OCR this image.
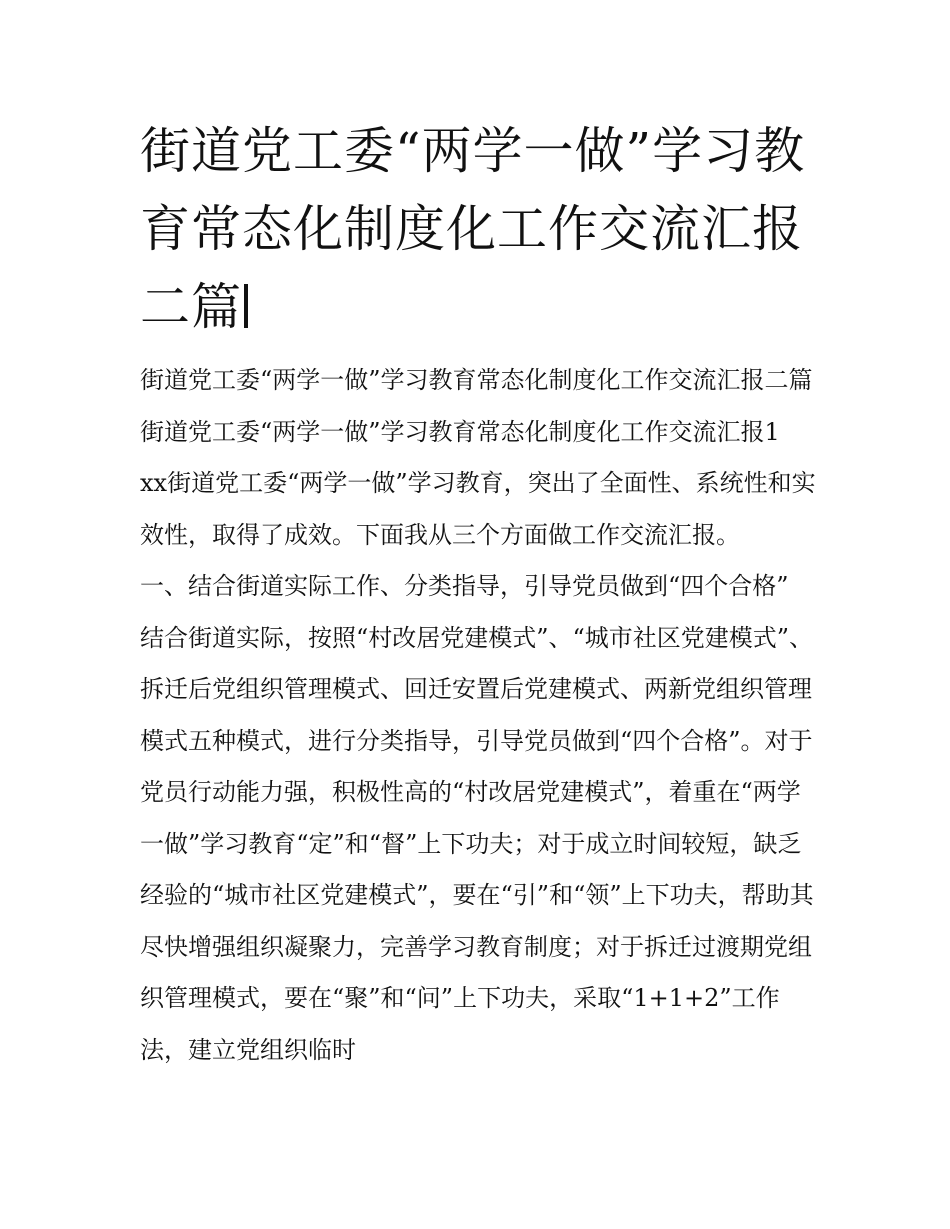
街道党工委“两学一做”学习教育常态化制度化工作交流汇报二篇

街道党工委“两学一做”学习教育常态化制度化工作交流汇报二篇 街道党工委“两学一做”学习教育常态化制度化工作交流汇报1

xx街道党工委“两学一做”学习教育，突出了全面性、系统性和实效性，取得了成效。下面我从三个方面做工作交流汇报。

一、结合街道实际工作、分类指导，引导党员做到“四个合格”

结合街道实际，按照“村改居党建模式”、“城市社区党建模式”、拆迁后党组织管理模式、回迁安置后党建模式、两新党组织管理模式五种模式，进行分类指导，引导党员做到“四个合格”。对于党员行动能力强，积极性高的“村改居党建模式”，着重在“两学一做”学习教育“定”和“督”上下功夫；对于成立时间较短，缺乏经验的“城市社区党建模式”，要在“引”和“领”上下功夫，帮助其尽快增强组织凝聚力，完善学习教育制度；对于拆迁过渡期党组织管理模式，要在“聚”和“问”上下功夫，采取“1+1+2”工作法，建立党组织临时
